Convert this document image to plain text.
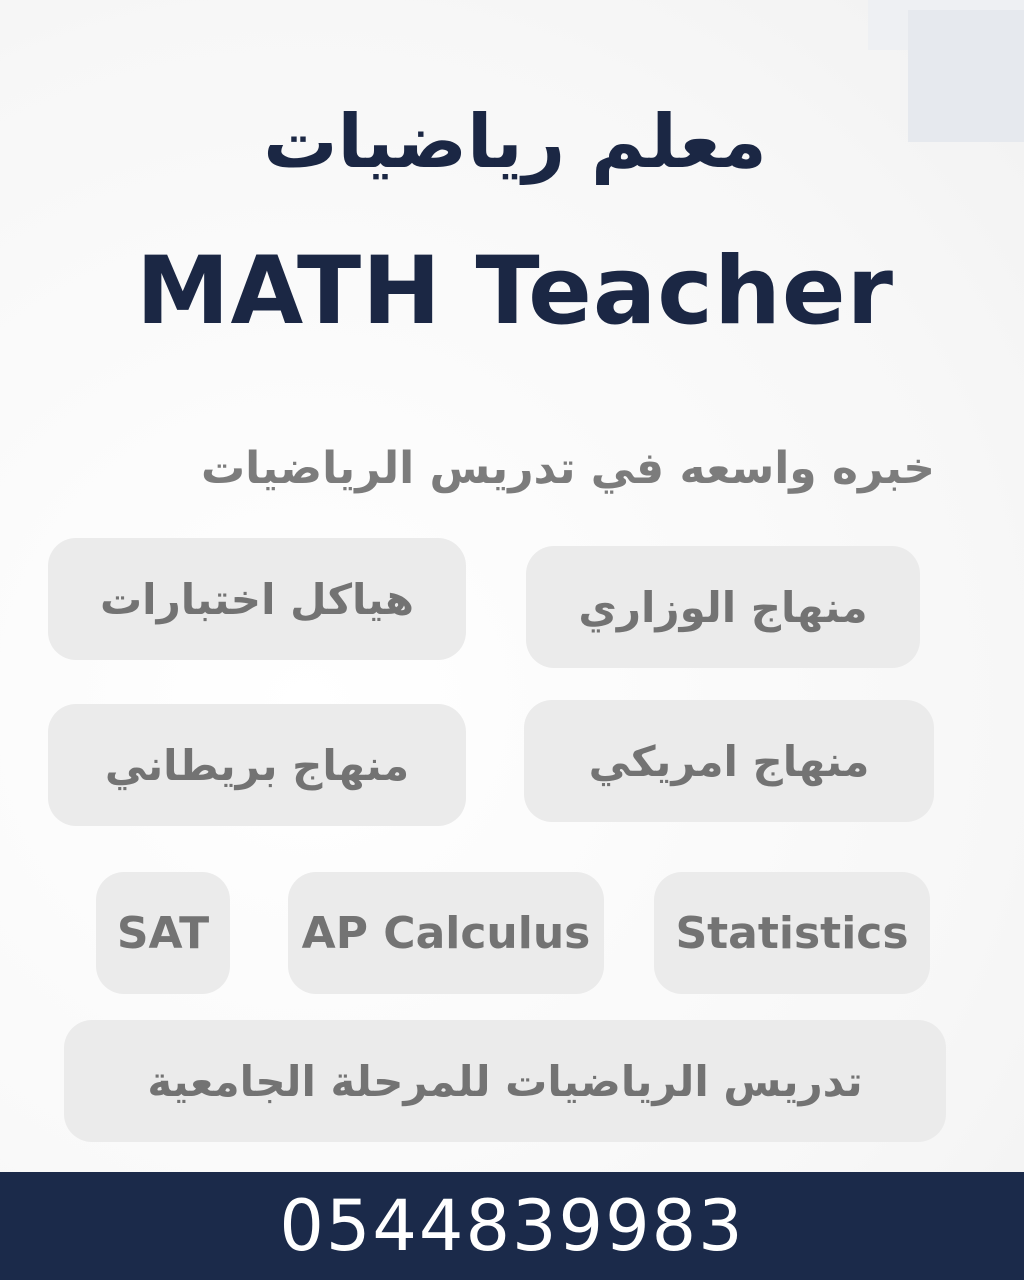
معلم رياضيات
MATH Teacher
خبره واسعه في تدريس الرياضيات
منهاج الوزاري
هياكل اختبارات
منهاج امريكي
منهاج بريطاني
Statistics
AP Calculus
SAT
تدريس الرياضيات للمرحلة الجامعية
0544839983
